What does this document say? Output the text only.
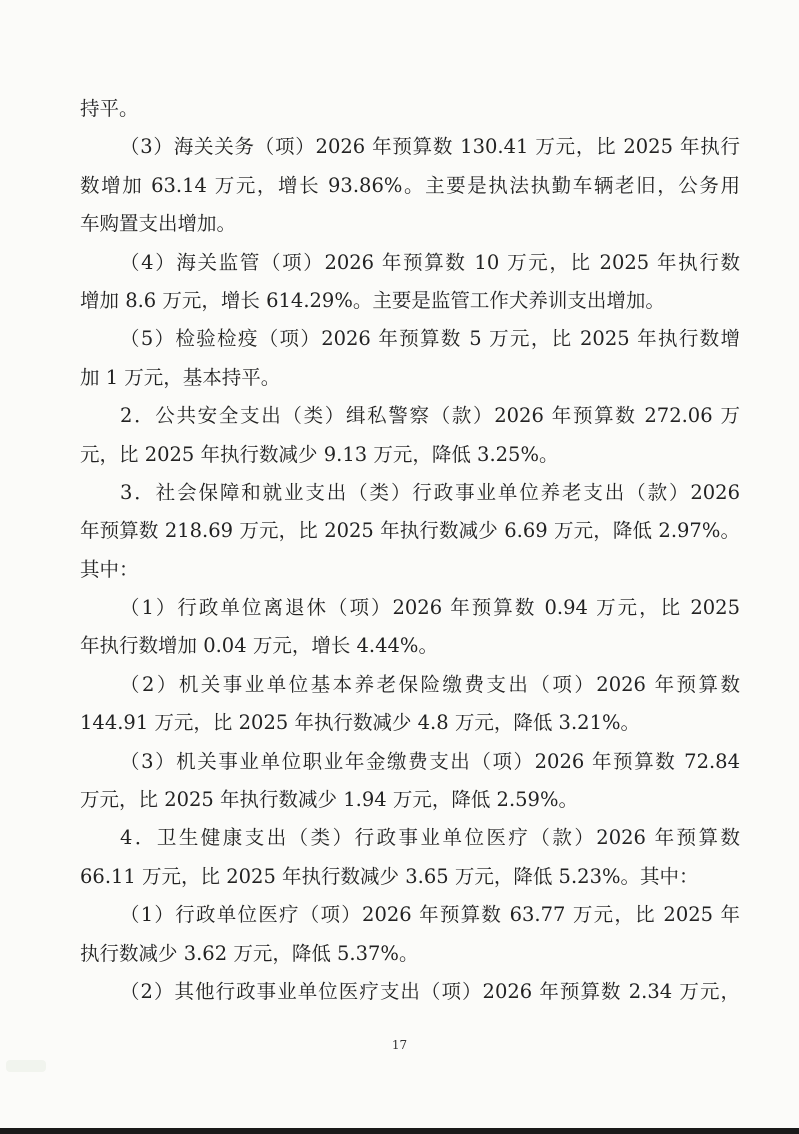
持平。
（3）海关关务（项）2026 年预算数 130.41 万元，比 2025 年执行
数增加 63.14 万元，增长 93.86%。主要是执法执勤车辆老旧，公务用
车购置支出增加。
（4）海关监管（项）2026 年预算数 10 万元，比 2025 年执行数
增加 8.6 万元，增长 614.29%。主要是监管工作犬养训支出增加。
（5）检验检疫（项）2026 年预算数 5 万元，比 2025 年执行数增
加 1 万元，基本持平。
2．公共安全支出（类）缉私警察（款）2026 年预算数 272.06 万
元，比 2025 年执行数减少 9.13 万元，降低 3.25%。
3．社会保障和就业支出（类）行政事业单位养老支出（款）2026
年预算数 218.69 万元，比 2025 年执行数减少 6.69 万元，降低 2.97%。
其中：
（1）行政单位离退休（项）2026 年预算数 0.94 万元，比 2025
年执行数增加 0.04 万元，增长 4.44%。
（2）机关事业单位基本养老保险缴费支出（项）2026 年预算数
144.91 万元，比 2025 年执行数减少 4.8 万元，降低 3.21%。
（3）机关事业单位职业年金缴费支出（项）2026 年预算数 72.84
万元，比 2025 年执行数减少 1.94 万元，降低 2.59%。
4．卫生健康支出（类）行政事业单位医疗（款）2026 年预算数
66.11 万元，比 2025 年执行数减少 3.65 万元，降低 5.23%。其中：
（1）行政单位医疗（项）2026 年预算数 63.77 万元，比 2025 年
执行数减少 3.62 万元，降低 5.37%。
（2）其他行政事业单位医疗支出（项）2026 年预算数 2.34 万元，
17
